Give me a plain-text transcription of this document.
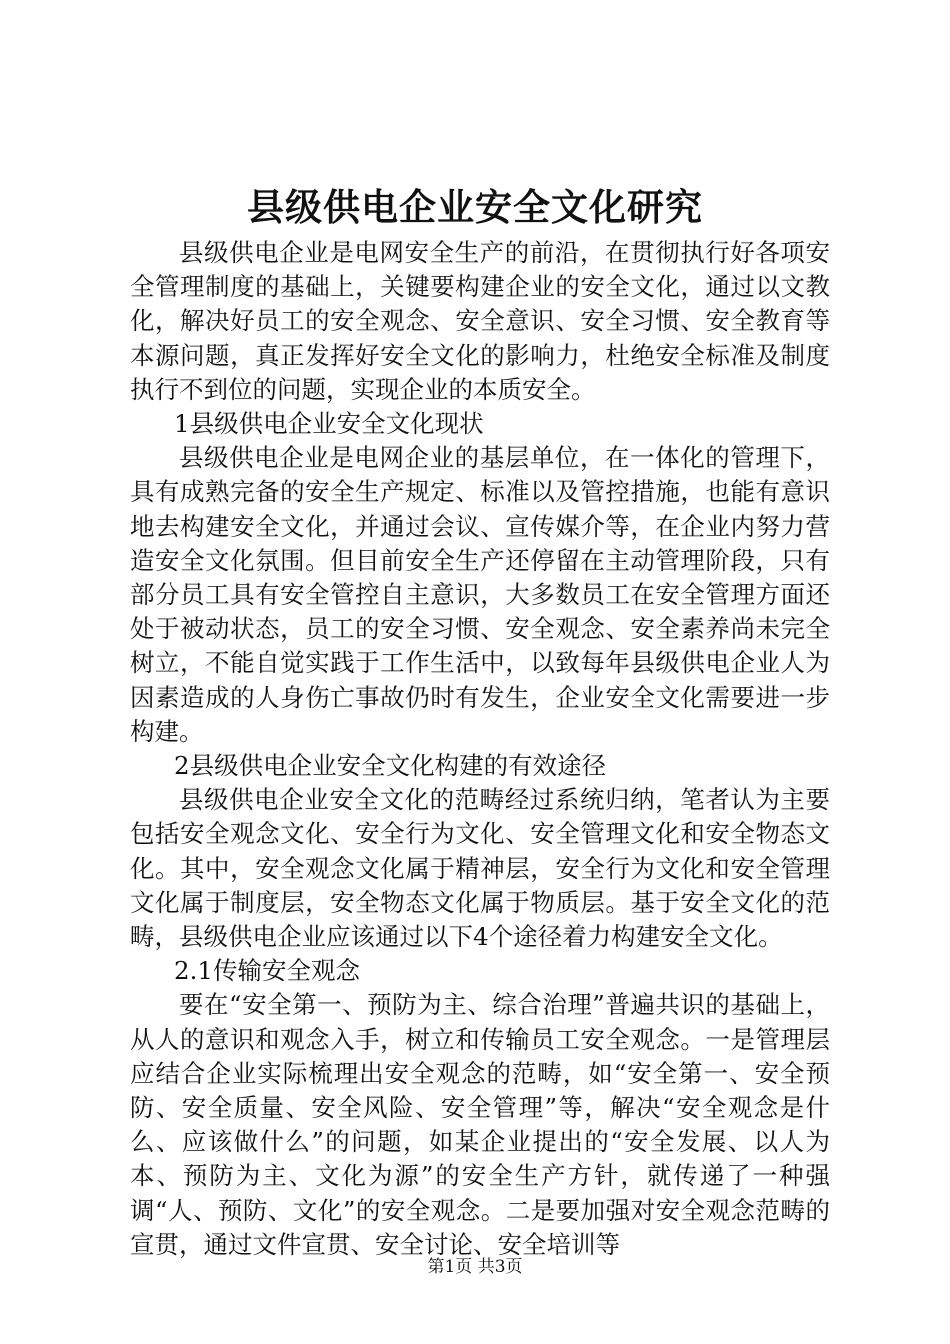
县级供电企业安全文化研究

县级供电企业是电网安全生产的前沿，在贯彻执行好各项安全管理制度的基础上，关键要构建企业的安全文化，通过以文教化，解决好员工的安全观念、安全意识、安全习惯、安全教育等本源问题，真正发挥好安全文化的影响力，杜绝安全标准及制度执行不到位的问题，实现企业的本质安全。

1县级供电企业安全文化现状

县级供电企业是电网企业的基层单位，在一体化的管理下，具有成熟完备的安全生产规定、标准以及管控措施，也能有意识地去构建安全文化，并通过会议、宣传媒介等，在企业内努力营造安全文化氛围。但目前安全生产还停留在主动管理阶段，只有部分员工具有安全管控自主意识，大多数员工在安全管理方面还处于被动状态，员工的安全习惯、安全观念、安全素养尚未完全树立，不能自觉实践于工作生活中，以致每年县级供电企业人为因素造成的人身伤亡事故仍时有发生，企业安全文化需要进一步构建。

2县级供电企业安全文化构建的有效途径

县级供电企业安全文化的范畴经过系统归纳，笔者认为主要包括安全观念文化、安全行为文化、安全管理文化和安全物态文化。其中，安全观念文化属于精神层，安全行为文化和安全管理文化属于制度层，安全物态文化属于物质层。基于安全文化的范畴，县级供电企业应该通过以下4个途径着力构建安全文化。

2.1传输安全观念

要在“安全第一、预防为主、综合治理”普遍共识的基础上，从人的意识和观念入手，树立和传输员工安全观念。一是管理层应结合企业实际梳理出安全观念的范畴，如“安全第一、安全预防、安全质量、安全风险、安全管理”等，解决“安全观念是什么、应该做什么”的问题，如某企业提出的“安全发展、以人为本、预防为主、文化为源”的安全生产方针，就传递了一种强调“人、预防、文化”的安全观念。二是要加强对安全观念范畴的宣贯，通过文件宣贯、安全讨论、安全培训等

第1页 共3页
